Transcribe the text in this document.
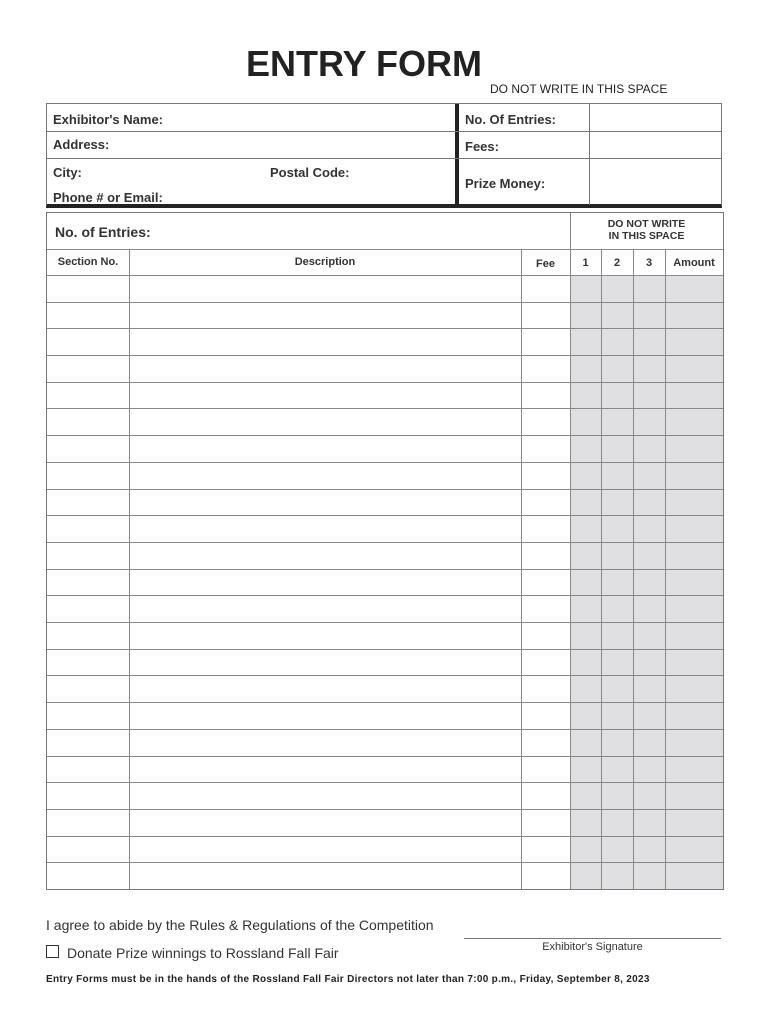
ENTRY FORM
DO NOT WRITE IN THIS SPACE
Exhibitor's Name:
Address:
City:	Postal Code:
Phone # or Email:
No. Of Entries:
Fees:
Prize Money:
No. of Entries:	DO NOT WRITE
IN THIS SPACE
Section No.	Description	Fee	1	2	3	Amount
I agree to abide by the Rules & Regulations of the Competition
Donate Prize winnings to Rossland Fall Fair	Exhibitor's Signature
Entry Forms must be in the hands of the Rossland Fall Fair Directors not later than 7:00 p.m., Friday, September 8, 2023
